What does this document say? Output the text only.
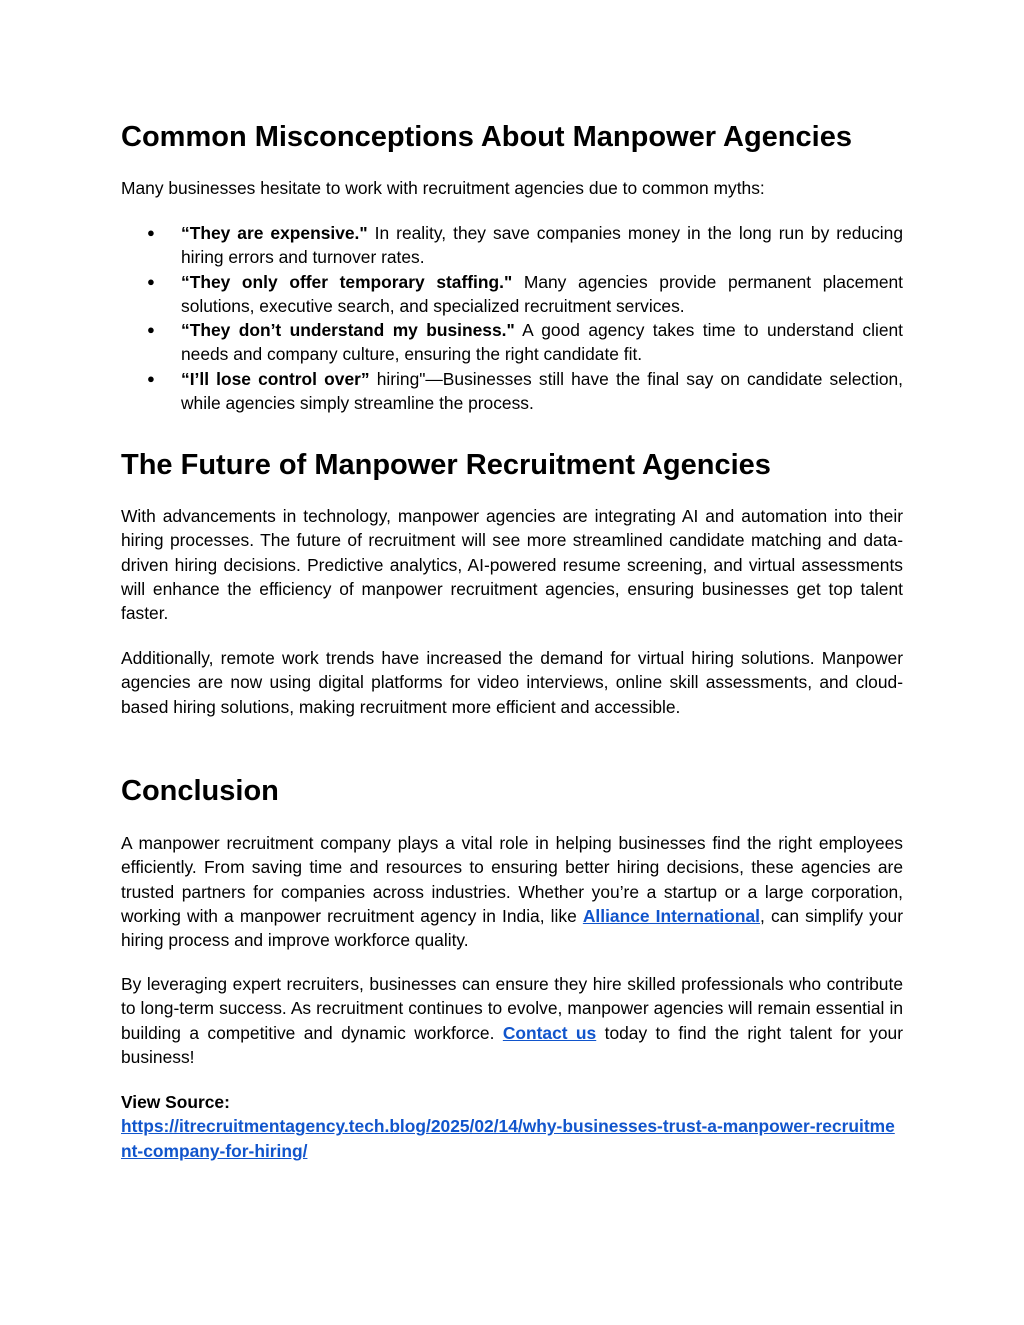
Common Misconceptions About Manpower Agencies

Many businesses hesitate to work with recruitment agencies due to common myths:

● “They are expensive." In reality, they save companies money in the long run by reducing hiring errors and turnover rates.
● “They only offer temporary staffing." Many agencies provide permanent placement solutions, executive search, and specialized recruitment services.
● “They don’t understand my business." A good agency takes time to understand client needs and company culture, ensuring the right candidate fit.
● “I’ll lose control over” hiring"—Businesses still have the final say on candidate selection, while agencies simply streamline the process.
The Future of Manpower Recruitment Agencies

With advancements in technology, manpower agencies are integrating AI and automation into their hiring processes. The future of recruitment will see more streamlined candidate matching and data-driven hiring decisions. Predictive analytics, AI-powered resume screening, and virtual assessments will enhance the efficiency of manpower recruitment agencies, ensuring businesses get top talent faster.

Additionally, remote work trends have increased the demand for virtual hiring solutions. Manpower agencies are now using digital platforms for video interviews, online skill assessments, and cloud-based hiring solutions, making recruitment more efficient and accessible.

Conclusion

A manpower recruitment company plays a vital role in helping businesses find the right employees efficiently. From saving time and resources to ensuring better hiring decisions, these agencies are trusted partners for companies across industries. Whether you’re a startup or a large corporation, working with a manpower recruitment agency in India, like Alliance International, can simplify your hiring process and improve workforce quality.

By leveraging expert recruiters, businesses can ensure they hire skilled professionals who contribute to long-term success. As recruitment continues to evolve, manpower agencies will remain essential in building a competitive and dynamic workforce. Contact us today to find the right talent for your business!

View Source:
https://itrecruitmentagency.tech.blog/2025/02/14/why-businesses-trust-a-manpower-recruitment-company-for-hiring/
